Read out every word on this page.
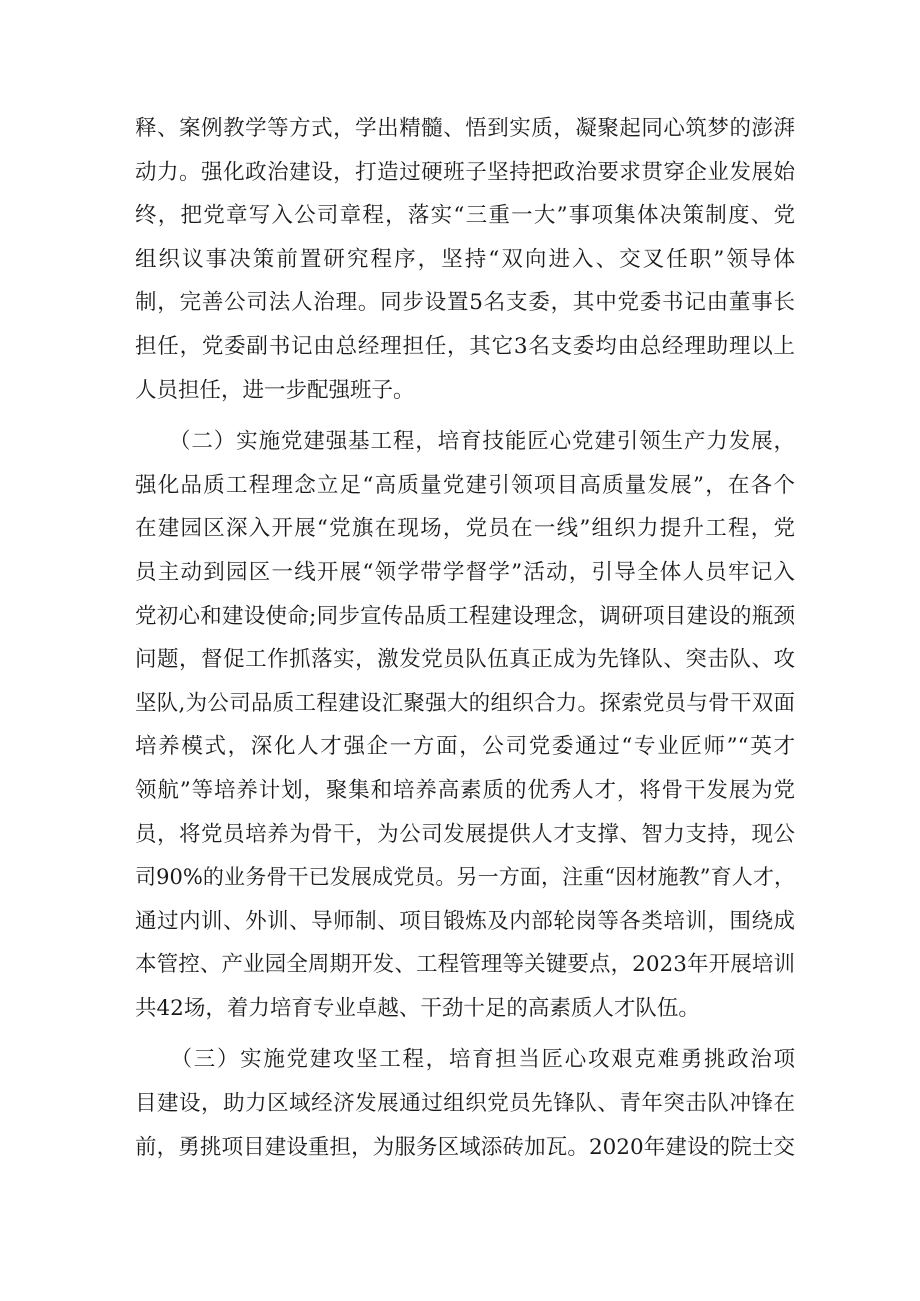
释、案例教学等方式，学出精髓、悟到实质，凝聚起同心筑梦的澎湃
动力。强化政治建设，打造过硬班子坚持把政治要求贯穿企业发展始
终，把党章写入公司章程，落实“三重一大”事项集体决策制度、党
组织议事决策前置研究程序，坚持“双向进入、交叉任职”领导体
制，完善公司法人治理。同步设置5名支委，其中党委书记由董事长
担任，党委副书记由总经理担任，其它3名支委均由总经理助理以上
人员担任，进一步配强班子。
　　（二）实施党建强基工程，培育技能匠心党建引领生产力发展，
强化品质工程理念立足“高质量党建引领项目高质量发展”，在各个
在建园区深入开展“党旗在现场，党员在一线”组织力提升工程，党
员主动到园区一线开展“领学带学督学”活动，引导全体人员牢记入
党初心和建设使命;同步宣传品质工程建设理念，调研项目建设的瓶颈
问题，督促工作抓落实，激发党员队伍真正成为先锋队、突击队、攻
坚队,为公司品质工程建设汇聚强大的组织合力。探索党员与骨干双面
培养模式，深化人才强企一方面，公司党委通过“专业匠师”“英才
领航”等培养计划，聚集和培养高素质的优秀人才，将骨干发展为党
员，将党员培养为骨干，为公司发展提供人才支撑、智力支持，现公
司90%的业务骨干已发展成党员。另一方面，注重“因材施教”育人才，
通过内训、外训、导师制、项目锻炼及内部轮岗等各类培训，围绕成
本管控、产业园全周期开发、工程管理等关键要点，2023年开展培训
共42场，着力培育专业卓越、干劲十足的高素质人才队伍。
　　（三）实施党建攻坚工程，培育担当匠心攻艰克难勇挑政治项
目建设，助力区域经济发展通过组织党员先锋队、青年突击队冲锋在
前，勇挑项目建设重担，为服务区域添砖加瓦。2020年建设的院士交
